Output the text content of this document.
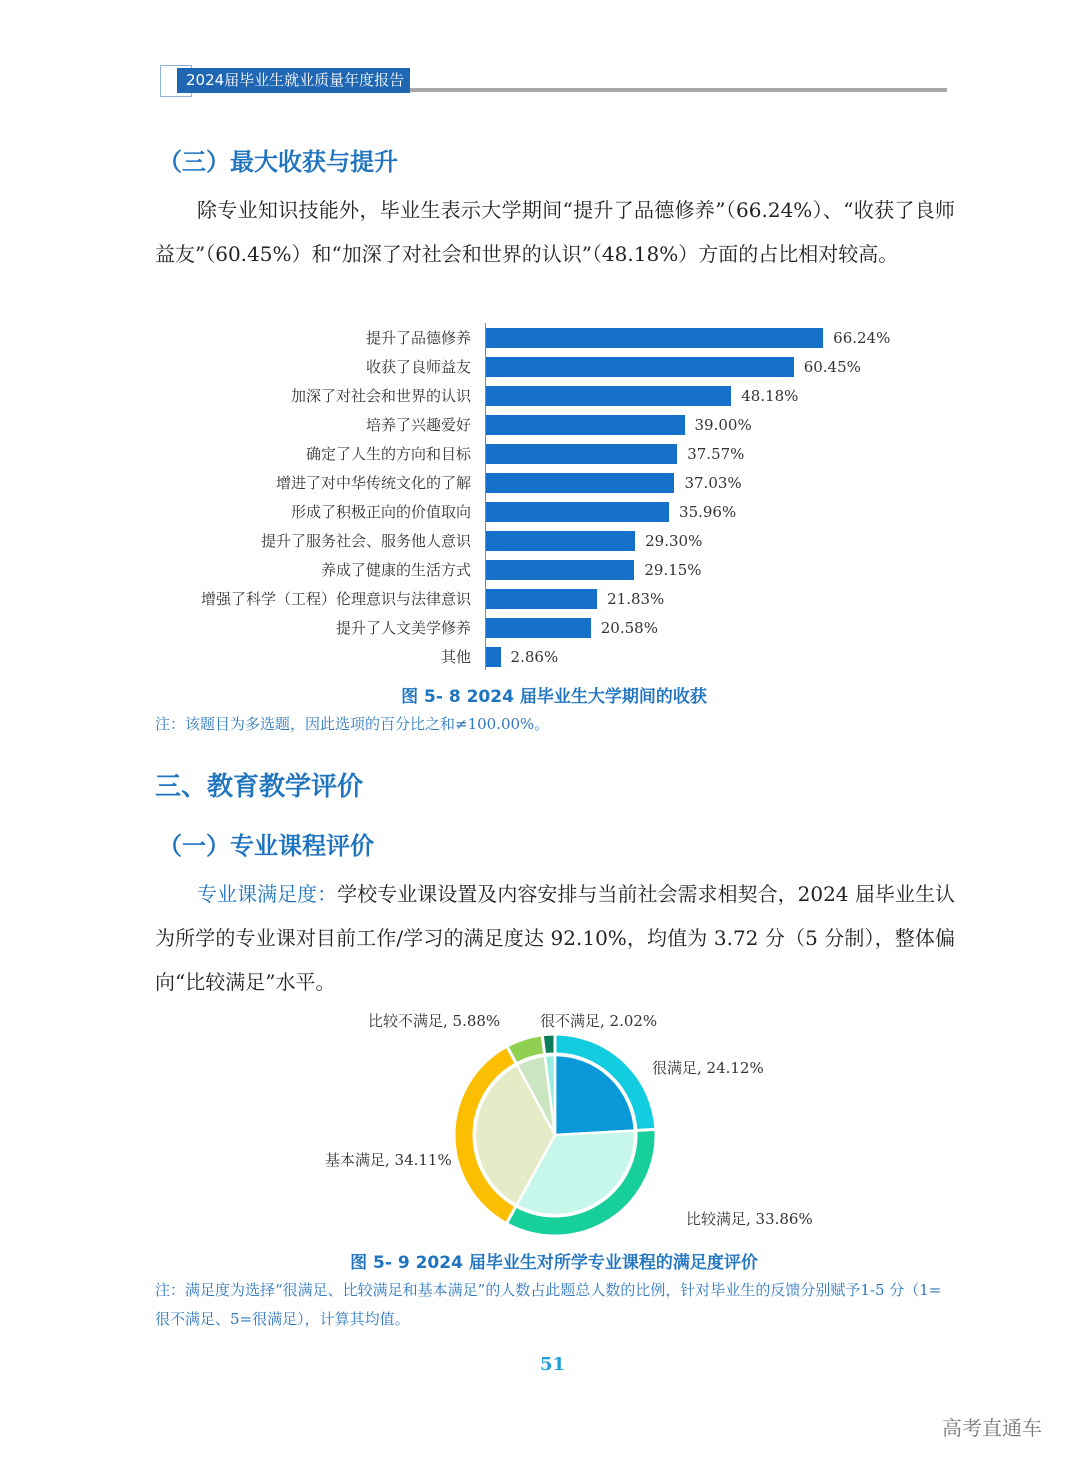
2024届毕业生就业质量年度报告
（三）最大收获与提升

除专业知识技能外，毕业生表示大学期间“提升了品德修养”（66.24%）、“收获了良师益友”（60.45%）和“加深了对社会和世界的认识”（48.18%）方面的占比相对较高。

提升了品德修养	66.24%
收获了良师益友	60.45%
加深了对社会和世界的认识	48.18%
培养了兴趣爱好	39.00%
确定了人生的方向和目标	37.57%
增进了对中华传统文化的了解	37.03%
形成了积极正向的价值取向	35.96%
提升了服务社会、服务他人意识	29.30%
养成了健康的生活方式	29.15%
增强了科学（工程）伦理意识与法律意识	21.83%
提升了人文美学修养	20.58%
其他	2.86%
图 5- 8 2024 届毕业生大学期间的收获
注：该题目为多选题，因此选项的百分比之和≠100.00%。
三、教育教学评价
（一）专业课程评价

专业课满足度：学校专业课设置及内容安排与当前社会需求相契合，2024 届毕业生认为所学的专业课对目前工作/学习的满足度达 92.10%，均值为 3.72 分（5 分制），整体偏向“比较满足”水平。

很满足, 24.12%
比较满足, 33.86%
基本满足, 34.11%
比较不满足, 5.88%	很不满足, 2.02%
图 5- 9 2024 届毕业生对所学专业课程的满足度评价
注：满足度为选择“很满足、比较满足和基本满足”的人数占此题总人数的比例，针对毕业生的反馈分别赋予1-5 分（1=很不满足、5=很满足），计算其均值。
51
高考直通车
